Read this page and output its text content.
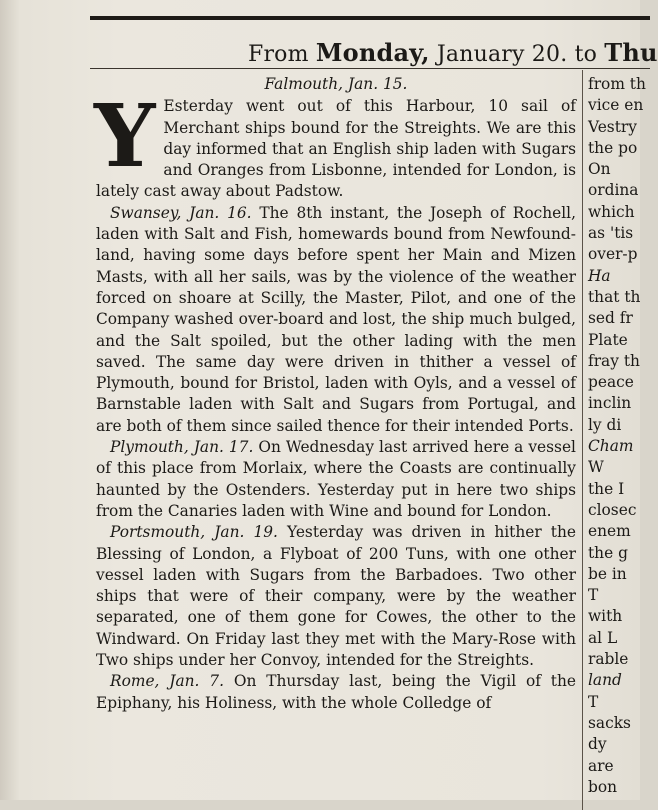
From Monday, January 20. to Thu

Falmouth, Jan. 15.

Y Esterday went out of this Harbour, 10 sail of Merchant ships bound for the Streights. We are this day informed that an English ship laden with Sugars and Oranges from Lisbonne, intended for London, is lately cast away about Padstow.

Swansey, Jan. 16. The 8th instant, the Joseph of Rochell, laden with Salt and Fish, homewards bound from Newfound-land, having some days before spent her Main and Mizen Masts, with all her sails, was by the violence of the weather forced on shoare at Scilly, the Master, Pilot, and one of the Company washed over-board and lost, the ship much bulged, and the Salt spoiled, but the other lading with the men saved. The same day were driven in thither a vessel of Plymouth, bound for Bristol, laden with Oyls, and a vessel of Barnstable laden with Salt and Sugars from Portugal, and are both of them since sailed thence for their intended Ports.

Plymouth, Jan. 17. On Wednesday last arrived here a vessel of this place from Morlaix, where the Coasts are continually haunted by the Ostenders. Yesterday put in here two ships from the Canaries laden with Wine and bound for London.

Portsmouth, Jan. 19. Yesterday was driven in hither the Blessing of London, a Flyboat of 200 Tuns, with one other vessel laden with Sugars from the Barbadoes. Two other ships that were of their company, were by the weather separated, one of them gone for Cowes, the other to the Windward. On Friday last they met with the Mary-Rose with Two ships under her Convoy, intended for the Streights.

Rome, Jan. 7. On Thursday last, being the Vigil of the Epiphany, his Holiness, with the whole Colledge of

from th
vice en
Vestry
the po
On
ordina
which
as 'tis
over-p
Ha
that th
sed fr
Plate
fray th
peace
inclin
ly di
Cham
W
the I
closec
enem
the g
be in
T
with
al L
rable
land
T
sacks
dy
are
bon
